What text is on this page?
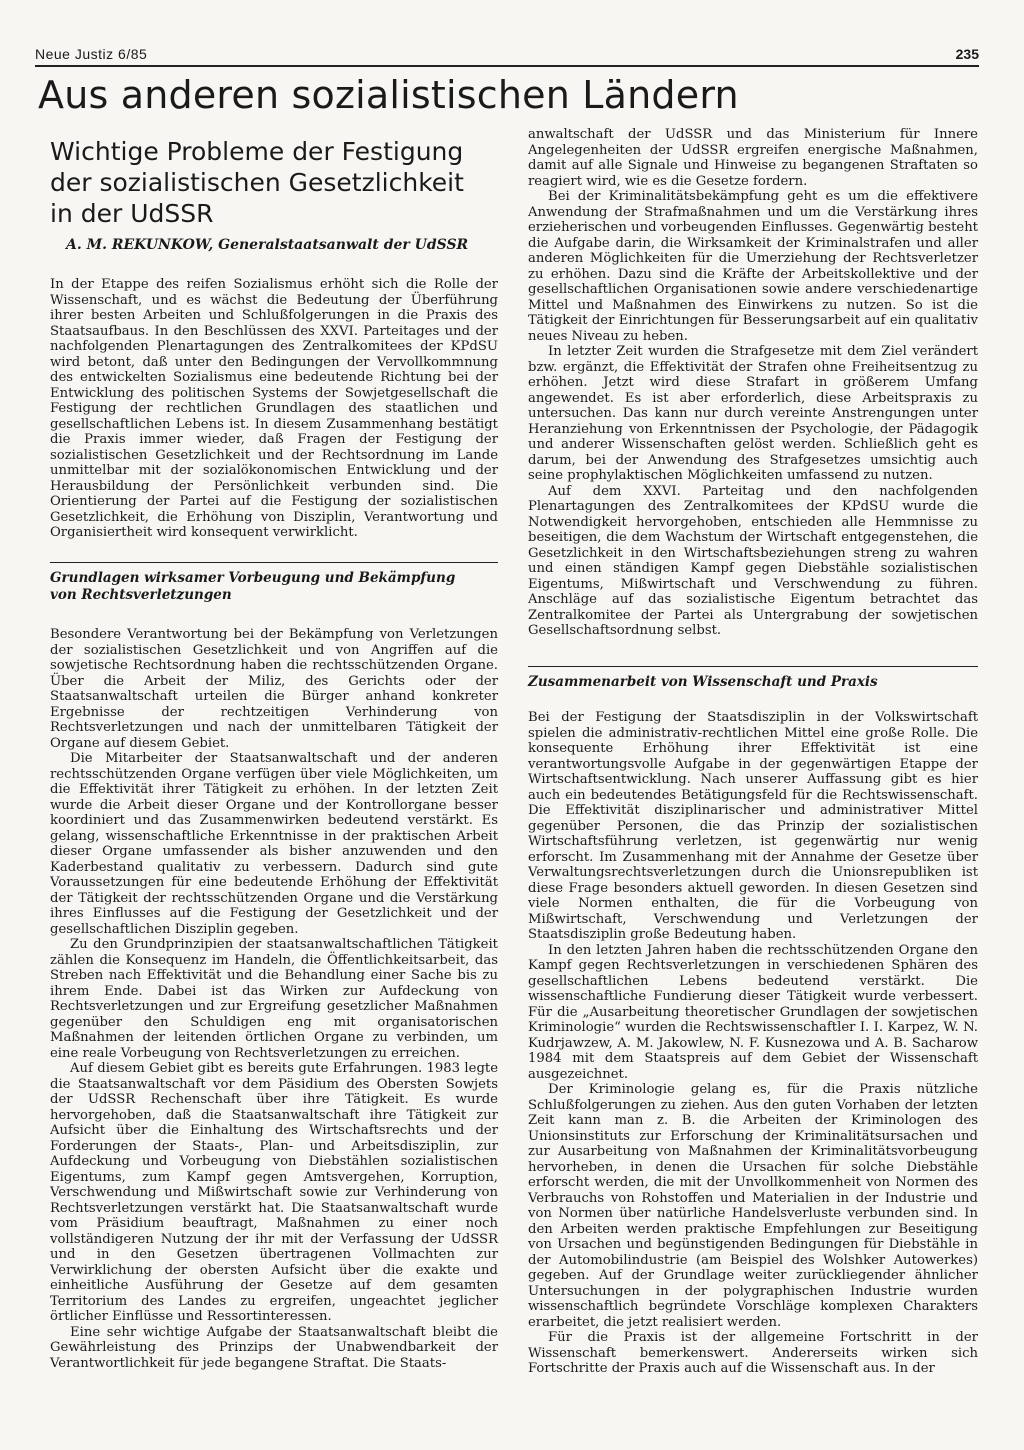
Neue Justiz 6/85	235
Aus anderen sozialistischen Ländern
Wichtige Probleme der Festigung
der sozialistischen Gesetzlichkeit
in der UdSSR
A. M. REKUNKOW, Generalstaatsanwalt der UdSSR

In der Etappe des reifen Sozialismus erhöht sich die Rolle der Wissenschaft, und es wächst die Bedeutung der Überführung ihrer besten Arbeiten und Schlußfolgerungen in die Praxis des Staatsaufbaus. In den Beschlüssen des XXVI. Parteitages und der nachfolgenden Plenartagungen des Zentralkomitees der KPdSU wird betont, daß unter den Bedingungen der Vervollkommnung des entwickelten Sozialismus eine bedeutende Richtung bei der Entwicklung des politischen Systems der Sowjetgesellschaft die Festigung der rechtlichen Grundlagen des staatlichen und gesellschaftlichen Lebens ist. In diesem Zusammenhang bestätigt die Praxis immer wieder, daß Fragen der Festigung der sozialistischen Gesetzlichkeit und der Rechtsordnung im Lande unmittelbar mit der sozialökonomischen Entwicklung und der Herausbildung der Persönlichkeit verbunden sind. Die Orientierung der Partei auf die Festigung der sozialistischen Gesetzlichkeit, die Erhöhung von Disziplin, Verantwortung und Organisiertheit wird konsequent verwirklicht.

Grundlagen wirksamer Vorbeugung und Bekämpfung
von Rechtsverletzungen

Besondere Verantwortung bei der Bekämpfung von Verletzungen der sozialistischen Gesetzlichkeit und von Angriffen auf die sowjetische Rechtsordnung haben die rechtsschützenden Organe. Über die Arbeit der Miliz, des Gerichts oder der Staatsanwaltschaft urteilen die Bürger anhand konkreter Ergebnisse der rechtzeitigen Verhinderung von Rechtsverletzungen und nach der unmittelbaren Tätigkeit der Organe auf diesem Gebiet.

Die Mitarbeiter der Staatsanwaltschaft und der anderen rechtsschützenden Organe verfügen über viele Möglichkeiten, um die Effektivität ihrer Tätigkeit zu erhöhen. In der letzten Zeit wurde die Arbeit dieser Organe und der Kontrollorgane besser koordiniert und das Zusammenwirken bedeutend verstärkt. Es gelang, wissenschaftliche Erkenntnisse in der praktischen Arbeit dieser Organe umfassender als bisher anzuwenden und den Kaderbestand qualitativ zu verbessern. Dadurch sind gute Voraussetzungen für eine bedeutende Erhöhung der Effektivität der Tätigkeit der rechtsschützenden Organe und die Verstärkung ihres Einflusses auf die Festigung der Gesetzlichkeit und der gesellschaftlichen Disziplin gegeben.

Zu den Grundprinzipien der staatsanwaltschaftlichen Tätigkeit zählen die Konsequenz im Handeln, die Öffentlichkeitsarbeit, das Streben nach Effektivität und die Behandlung einer Sache bis zu ihrem Ende. Dabei ist das Wirken zur Aufdeckung von Rechtsverletzungen und zur Ergreifung gesetzlicher Maßnahmen gegenüber den Schuldigen eng mit organisatorischen Maßnahmen der leitenden örtlichen Organe zu verbinden, um eine reale Vorbeugung von Rechtsverletzungen zu erreichen.

Auf diesem Gebiet gibt es bereits gute Erfahrungen. 1983 legte die Staatsanwaltschaft vor dem Päsidium des Obersten Sowjets der UdSSR Rechenschaft über ihre Tätigkeit. Es wurde hervorgehoben, daß die Staatsanwaltschaft ihre Tätigkeit zur Aufsicht über die Einhaltung des Wirtschaftsrechts und der Forderungen der Staats-, Plan- und Arbeitsdisziplin, zur Aufdeckung und Vorbeugung von Diebstählen sozialistischen Eigentums, zum Kampf gegen Amtsvergehen, Korruption, Verschwendung und Mißwirtschaft sowie zur Verhinderung von Rechtsverletzungen verstärkt hat. Die Staatsanwaltschaft wurde vom Präsidium beauftragt, Maßnahmen zu einer noch vollständigeren Nutzung der ihr mit der Verfassung der UdSSR und in den Gesetzen übertragenen Vollmachten zur Verwirklichung der obersten Aufsicht über die exakte und einheitliche Ausführung der Gesetze auf dem gesamten Territorium des Landes zu ergreifen, ungeachtet jeglicher örtlicher Einflüsse und Ressortinteressen.

Eine sehr wichtige Aufgabe der Staatsanwaltschaft bleibt die Gewährleistung des Prinzips der Unabwendbarkeit der Verantwortlichkeit für jede begangene Straftat. Die Staats-

anwaltschaft der UdSSR und das Ministerium für Innere Angelegenheiten der UdSSR ergreifen energische Maßnahmen, damit auf alle Signale und Hinweise zu begangenen Straftaten so reagiert wird, wie es die Gesetze fordern.

Bei der Kriminalitätsbekämpfung geht es um die effektivere Anwendung der Strafmaßnahmen und um die Verstärkung ihres erzieherischen und vorbeugenden Einflusses. Gegenwärtig besteht die Aufgabe darin, die Wirksamkeit der Kriminalstrafen und aller anderen Möglichkeiten für die Umerziehung der Rechtsverletzer zu erhöhen. Dazu sind die Kräfte der Arbeitskollektive und der gesellschaftlichen Organisationen sowie andere verschiedenartige Mittel und Maßnahmen des Einwirkens zu nutzen. So ist die Tätigkeit der Einrichtungen für Besserungsarbeit auf ein qualitativ neues Niveau zu heben.

In letzter Zeit wurden die Strafgesetze mit dem Ziel verändert bzw. ergänzt, die Effektivität der Strafen ohne Freiheitsentzug zu erhöhen. Jetzt wird diese Strafart in größerem Umfang angewendet. Es ist aber erforderlich, diese Arbeitspraxis zu untersuchen. Das kann nur durch vereinte Anstrengungen unter Heranziehung von Erkenntnissen der Psychologie, der Pädagogik und anderer Wissenschaften gelöst werden. Schließlich geht es darum, bei der Anwendung des Strafgesetzes umsichtig auch seine prophylaktischen Möglichkeiten umfassend zu nutzen.

Auf dem XXVI. Parteitag und den nachfolgenden Plenartagungen des Zentralkomitees der KPdSU wurde die Notwendigkeit hervorgehoben, entschieden alle Hemmnisse zu beseitigen, die dem Wachstum der Wirtschaft entgegenstehen, die Gesetzlichkeit in den Wirtschaftsbeziehungen streng zu wahren und einen ständigen Kampf gegen Diebstähle sozialistischen Eigentums, Mißwirtschaft und Verschwendung zu führen. Anschläge auf das sozialistische Eigentum betrachtet das Zentralkomitee der Partei als Untergrabung der sowjetischen Gesellschaftsordnung selbst.

Zusammenarbeit von Wissenschaft und Praxis

Bei der Festigung der Staatsdisziplin in der Volkswirtschaft spielen die administrativ-rechtlichen Mittel eine große Rolle. Die konsequente Erhöhung ihrer Effektivität ist eine verantwortungsvolle Aufgabe in der gegenwärtigen Etappe der Wirtschaftsentwicklung. Nach unserer Auffassung gibt es hier auch ein bedeutendes Betätigungsfeld für die Rechtswissenschaft. Die Effektivität disziplinarischer und administrativer Mittel gegenüber Personen, die das Prinzip der sozialistischen Wirtschaftsführung verletzen, ist gegenwärtig nur wenig erforscht. Im Zusammenhang mit der Annahme der Gesetze über Verwaltungsrechtsverletzungen durch die Unionsrepubliken ist diese Frage besonders aktuell geworden. In diesen Gesetzen sind viele Normen enthalten, die für die Vorbeugung von Mißwirtschaft, Verschwendung und Verletzungen der Staatsdisziplin große Bedeutung haben.

In den letzten Jahren haben die rechtsschützenden Organe den Kampf gegen Rechtsverletzungen in verschiedenen Sphären des gesellschaftlichen Lebens bedeutend verstärkt. Die wissenschaftliche Fundierung dieser Tätigkeit wurde verbessert. Für die „Ausarbeitung theoretischer Grundlagen der sowjetischen Kriminologie“ wurden die Rechtswissenschaftler I. I. Karpez, W. N. Kudrjawzew, A. M. Jakowlew, N. F. Kusnezowa und A. B. Sacharow 1984 mit dem Staatspreis auf dem Gebiet der Wissenschaft ausgezeichnet.

Der Kriminologie gelang es, für die Praxis nützliche Schlußfolgerungen zu ziehen. Aus den guten Vorhaben der letzten Zeit kann man z. B. die Arbeiten der Kriminologen des Unionsinstituts zur Erforschung der Kriminalitätsursachen und zur Ausarbeitung von Maßnahmen der Kriminalitätsvorbeugung hervorheben, in denen die Ursachen für solche Diebstähle erforscht werden, die mit der Unvollkommenheit von Normen des Verbrauchs von Rohstoffen und Materialien in der Industrie und von Normen über natürliche Handelsverluste verbunden sind. In den Arbeiten werden praktische Empfehlungen zur Beseitigung von Ursachen und begünstigenden Bedingungen für Diebstähle in der Automobilindustrie (am Beispiel des Wolshker Autowerkes) gegeben. Auf der Grundlage weiter zurückliegender ähnlicher Untersuchungen in der polygraphischen Industrie wurden wissenschaftlich begründete Vorschläge komplexen Charakters erarbeitet, die jetzt realisiert werden.

Für die Praxis ist der allgemeine Fortschritt in der Wissenschaft bemerkenswert. Andererseits wirken sich Fortschritte der Praxis auch auf die Wissenschaft aus. In der
